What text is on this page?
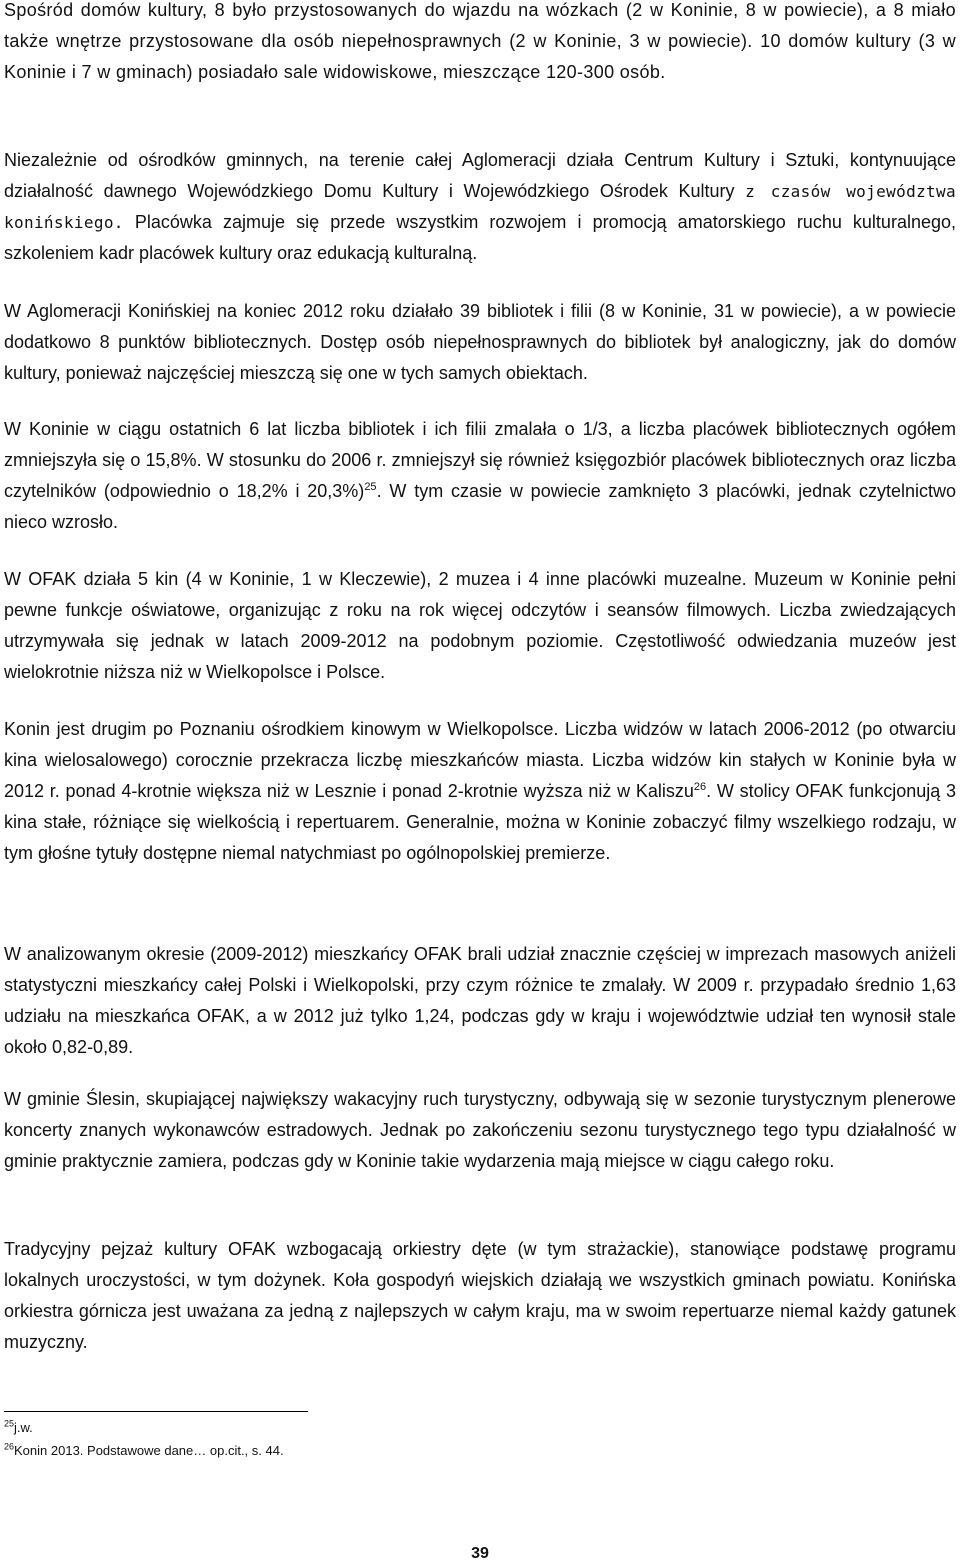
Spośród domów kultury, 8 było przystosowanych do wjazdu na wózkach (2 w Koninie, 8 w powiecie), a 8 miało także wnętrze przystosowane dla osób niepełnosprawnych (2 w Koninie, 3 w powiecie). 10 domów kultury (3 w Koninie i 7 w gminach) posiadało sale widowiskowe, mieszczące 120-300 osób.

Niezależnie od ośrodków gminnych, na terenie całej Aglomeracji działa Centrum Kultury i Sztuki, kontynuujące działalność dawnego Wojewódzkiego Domu Kultury i Wojewódzkiego Ośrodek Kultury z czasów województwa konińskiego. Placówka zajmuje się przede wszystkim rozwojem i promocją amatorskiego ruchu kulturalnego, szkoleniem kadr placówek kultury oraz edukacją kulturalną.

W Aglomeracji Konińskiej na koniec 2012 roku działało 39 bibliotek i filii (8 w Koninie, 31 w powiecie), a w powiecie dodatkowo 8 punktów bibliotecznych. Dostęp osób niepełnosprawnych do bibliotek był analogiczny, jak do domów kultury, ponieważ najczęściej mieszczą się one w tych samych obiektach.

W Koninie w ciągu ostatnich 6 lat liczba bibliotek i ich filii zmalała o 1/3, a liczba placówek bibliotecznych ogółem zmniejszyła się o 15,8%. W stosunku do 2006 r. zmniejszył się również księgozbiór placówek bibliotecznych oraz liczba czytelników (odpowiednio o 18,2% i 20,3%)$^{25}$. W tym czasie w powiecie zamknięto 3 placówki, jednak czytelnictwo nieco wzrosło.

W OFAK działa 5 kin (4 w Koninie, 1 w Kleczewie), 2 muzea i 4 inne placówki muzealne. Muzeum w Koninie pełni pewne funkcje oświatowe, organizując z roku na rok więcej odczytów i seansów filmowych. Liczba zwiedzających utrzymywała się jednak w latach 2009-2012 na podobnym poziomie. Częstotliwość odwiedzania muzeów jest wielokrotnie niższa niż w Wielkopolsce i Polsce.

Konin jest drugim po Poznaniu ośrodkiem kinowym w Wielkopolsce. Liczba widzów w latach 2006-2012 (po otwarciu kina wielosalowego) corocznie przekracza liczbę mieszkańców miasta. Liczba widzów kin stałych w Koninie była w 2012 r. ponad 4-krotnie większa niż w Lesznie i ponad 2-krotnie wyższa niż w Kaliszu$^{26}$. W stolicy OFAK funkcjonują 3 kina stałe, różniące się wielkością i repertuarem. Generalnie, można w Koninie zobaczyć filmy wszelkiego rodzaju, w tym głośne tytuły dostępne niemal natychmiast po ogólnopolskiej premierze.

W analizowanym okresie (2009-2012) mieszkańcy OFAK brali udział znacznie częściej w imprezach masowych aniżeli statystyczni mieszkańcy całej Polski i Wielkopolski, przy czym różnice te zmalały. W 2009 r. przypadało średnio 1,63 udziału na mieszkańca OFAK, a w 2012 już tylko 1,24, podczas gdy w kraju i województwie udział ten wynosił stale około 0,82-0,89.

W gminie Ślesin, skupiającej największy wakacyjny ruch turystyczny, odbywają się w sezonie turystycznym plenerowe koncerty znanych wykonawców estradowych. Jednak po zakończeniu sezonu turystycznego tego typu działalność w gminie praktycznie zamiera, podczas gdy w Koninie takie wydarzenia mają miejsce w ciągu całego roku.

Tradycyjny pejzaż kultury OFAK wzbogacają orkiestry dęte (w tym strażackie), stanowiące podstawę programu lokalnych uroczystości, w tym dożynek. Koła gospodyń wiejskich działają we wszystkich gminach powiatu. Konińska orkiestra górnicza jest uważana za jedną z najlepszych w całym kraju, ma w swoim repertuarze niemal każdy gatunek muzyczny.

$^{25}$j.w.
$^{26}$Konin 2013. Podstawowe dane… op.cit., s. 44.
39
